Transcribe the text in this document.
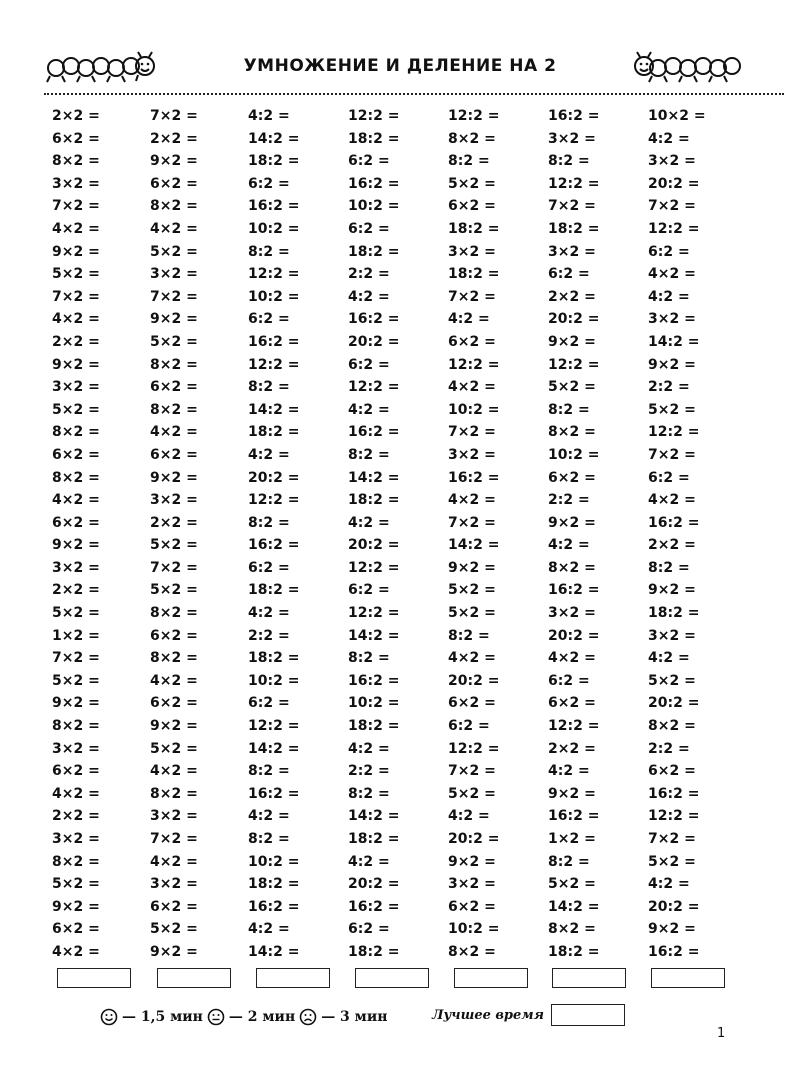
УМНОЖЕНИЕ И ДЕЛЕНИЕ НА 2
2×2 =
6×2 =
8×2 =
3×2 =
7×2 =
4×2 =
9×2 =
5×2 =
7×2 =
4×2 =
2×2 =
9×2 =
3×2 =
5×2 =
8×2 =
6×2 =
8×2 =
4×2 =
6×2 =
9×2 =
3×2 =
2×2 =
5×2 =
1×2 =
7×2 =
5×2 =
9×2 =
8×2 =
3×2 =
6×2 =
4×2 =
2×2 =
3×2 =
8×2 =
5×2 =
9×2 =
6×2 =
4×2 =
7×2 =
2×2 =
9×2 =
6×2 =
8×2 =
4×2 =
5×2 =
3×2 =
7×2 =
9×2 =
5×2 =
8×2 =
6×2 =
8×2 =
4×2 =
6×2 =
9×2 =
3×2 =
2×2 =
5×2 =
7×2 =
5×2 =
8×2 =
6×2 =
8×2 =
4×2 =
6×2 =
9×2 =
5×2 =
4×2 =
8×2 =
3×2 =
7×2 =
4×2 =
3×2 =
6×2 =
5×2 =
9×2 =
4:2 =
14:2 =
18:2 =
6:2 =
16:2 =
10:2 =
8:2 =
12:2 =
10:2 =
6:2 =
16:2 =
12:2 =
8:2 =
14:2 =
18:2 =
4:2 =
20:2 =
12:2 =
8:2 =
16:2 =
6:2 =
18:2 =
4:2 =
2:2 =
18:2 =
10:2 =
6:2 =
12:2 =
14:2 =
8:2 =
16:2 =
4:2 =
8:2 =
10:2 =
18:2 =
16:2 =
4:2 =
14:2 =
12:2 =
18:2 =
6:2 =
16:2 =
10:2 =
6:2 =
18:2 =
2:2 =
4:2 =
16:2 =
20:2 =
6:2 =
12:2 =
4:2 =
16:2 =
8:2 =
14:2 =
18:2 =
4:2 =
20:2 =
12:2 =
6:2 =
12:2 =
14:2 =
8:2 =
16:2 =
10:2 =
18:2 =
4:2 =
2:2 =
8:2 =
14:2 =
18:2 =
4:2 =
20:2 =
16:2 =
6:2 =
18:2 =
12:2 =
8×2 =
8:2 =
5×2 =
6×2 =
18:2 =
3×2 =
18:2 =
7×2 =
4:2 =
6×2 =
12:2 =
4×2 =
10:2 =
7×2 =
3×2 =
16:2 =
4×2 =
7×2 =
14:2 =
9×2 =
5×2 =
5×2 =
8:2 =
4×2 =
20:2 =
6×2 =
6:2 =
12:2 =
7×2 =
5×2 =
4:2 =
20:2 =
9×2 =
3×2 =
6×2 =
10:2 =
8×2 =
16:2 =
3×2 =
8:2 =
12:2 =
7×2 =
18:2 =
3×2 =
6:2 =
2×2 =
20:2 =
9×2 =
12:2 =
5×2 =
8:2 =
8×2 =
10:2 =
6×2 =
2:2 =
9×2 =
4:2 =
8×2 =
16:2 =
3×2 =
20:2 =
4×2 =
6:2 =
6×2 =
12:2 =
2×2 =
4:2 =
9×2 =
16:2 =
1×2 =
8:2 =
5×2 =
14:2 =
8×2 =
18:2 =
10×2 =
4:2 =
3×2 =
20:2 =
7×2 =
12:2 =
6:2 =
4×2 =
4:2 =
3×2 =
14:2 =
9×2 =
2:2 =
5×2 =
12:2 =
7×2 =
6:2 =
4×2 =
16:2 =
2×2 =
8:2 =
9×2 =
18:2 =
3×2 =
4:2 =
5×2 =
20:2 =
8×2 =
2:2 =
6×2 =
16:2 =
12:2 =
7×2 =
5×2 =
4:2 =
20:2 =
9×2 =
16:2 =
— 1,5 мин — 2 мин — 3 мин	Лучшее время
1
